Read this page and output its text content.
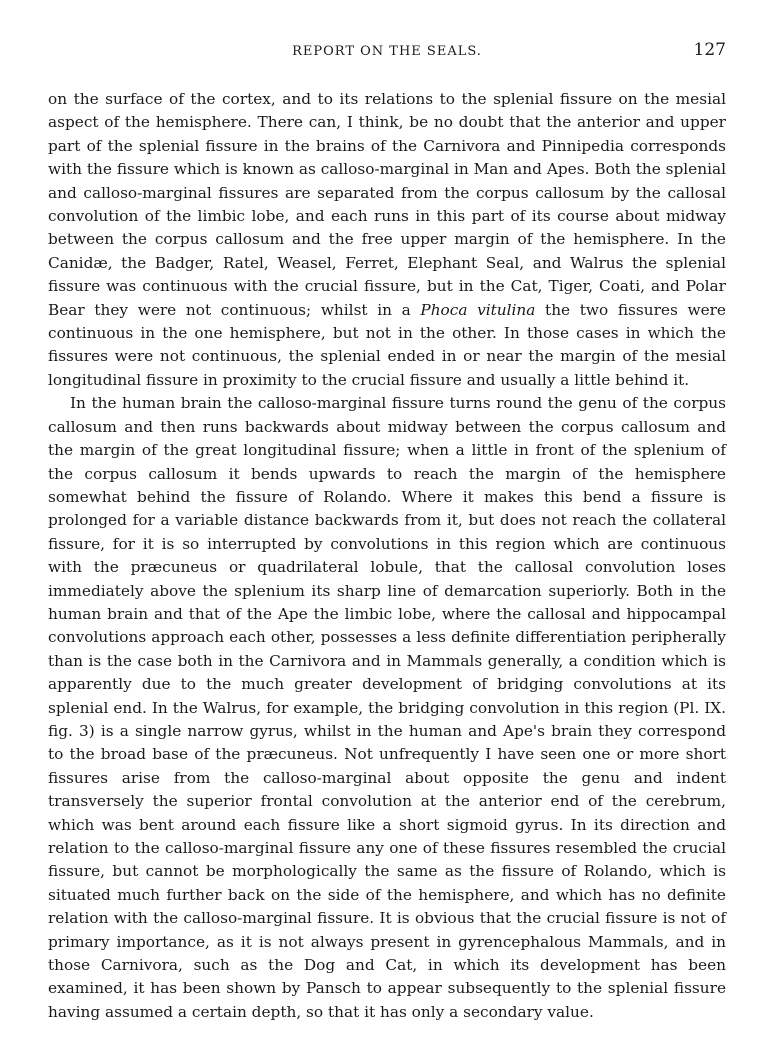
REPORT ON THE SEALS.	127

on the surface of the cortex, and to its relations to the splenial fissure on the mesial aspect of the hemisphere. There can, I think, be no doubt that the anterior and upper part of the splenial fissure in the brains of the Carnivora and Pinnipedia corresponds with the fissure which is known as calloso-marginal in Man and Apes. Both the splenial and calloso-marginal fissures are separated from the corpus callosum by the callosal convolution of the limbic lobe, and each runs in this part of its course about midway between the corpus callosum and the free upper margin of the hemisphere. In the Canidæ, the Badger, Ratel, Weasel, Ferret, Elephant Seal, and Walrus the splenial fissure was continuous with the crucial fissure, but in the Cat, Tiger, Coati, and Polar Bear they were not continuous; whilst in a Phoca vitulina the two fissures were continuous in the one hemisphere, but not in the other. In those cases in which the fissures were not continuous, the splenial ended in or near the margin of the mesial longitudinal fissure in proximity to the crucial fissure and usually a little behind it.

In the human brain the calloso-marginal fissure turns round the genu of the corpus callosum and then runs backwards about midway between the corpus callosum and the margin of the great longitudinal fissure; when a little in front of the splenium of the corpus callosum it bends upwards to reach the margin of the hemisphere somewhat behind the fissure of Rolando. Where it makes this bend a fissure is prolonged for a variable distance backwards from it, but does not reach the collateral fissure, for it is so interrupted by convolutions in this region which are continuous with the præcuneus or quadrilateral lobule, that the callosal convolution loses immediately above the splenium its sharp line of demarcation superiorly. Both in the human brain and that of the Ape the limbic lobe, where the callosal and hippocampal convolutions approach each other, possesses a less definite differentiation peripherally than is the case both in the Carnivora and in Mammals generally, a condition which is apparently due to the much greater development of bridging convolutions at its splenial end. In the Walrus, for example, the bridging convolution in this region (Pl. IX. fig. 3) is a single narrow gyrus, whilst in the human and Ape's brain they correspond to the broad base of the præcuneus. Not unfrequently I have seen one or more short fissures arise from the calloso-marginal about opposite the genu and indent transversely the superior frontal convolution at the anterior end of the cerebrum, which was bent around each fissure like a short sigmoid gyrus. In its direction and relation to the calloso-marginal fissure any one of these fissures resembled the crucial fissure, but cannot be morphologically the same as the fissure of Rolando, which is situated much further back on the side of the hemisphere, and which has no definite relation with the calloso-marginal fissure. It is obvious that the crucial fissure is not of primary importance, as it is not always present in gyrencephalous Mammals, and in those Carnivora, such as the Dog and Cat, in which its development has been examined, it has been shown by Pansch to appear subsequently to the splenial fissure having assumed a certain depth, so that it has only a secondary value.
